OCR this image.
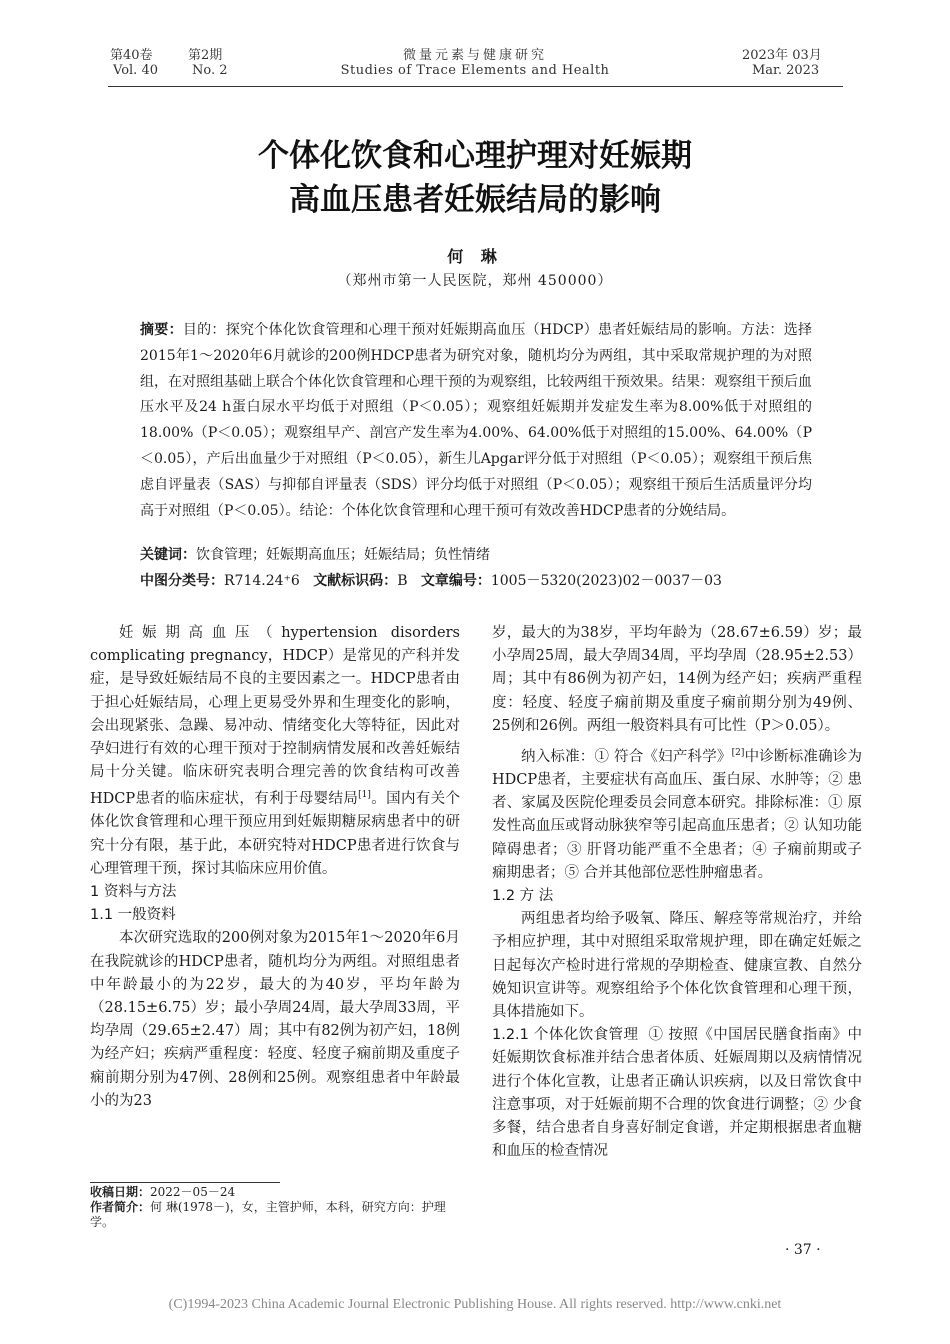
第40卷	第2期
Vol. 40	No. 2
微量元素与健康研究
Studies of Trace Elements and Health
2023年 03月
Mar. 2023
个体化饮食和心理护理对妊娠期
高血压患者妊娠结局的影响
何 琳
（郑州市第一人民医院，郑州 450000）
摘要：目的：探究个体化饮食管理和心理干预对妊娠期高血压（HDCP）患者妊娠结局的影响。方法：选择2015年1～2020年6月就诊的200例HDCP患者为研究对象，随机均分为两组，其中采取常规护理的为对照组，在对照组基础上联合个体化饮食管理和心理干预的为观察组，比较两组干预效果。结果：观察组干预后血压水平及24 h蛋白尿水平均低于对照组（P＜0.05）；观察组妊娠期并发症发生率为8.00%低于对照组的18.00%（P＜0.05）；观察组早产、剖宫产发生率为4.00%、64.00%低于对照组的15.00%、64.00%（P＜0.05），产后出血量少于对照组（P＜0.05），新生儿Apgar评分低于对照组（P＜0.05）；观察组干预后焦虑自评量表（SAS）与抑郁自评量表（SDS）评分均低于对照组（P＜0.05）；观察组干预后生活质量评分均高于对照组（P＜0.05）。结论：个体化饮食管理和心理干预可有效改善HDCP患者的分娩结局。
关键词：饮食管理；妊娠期高血压；妊娠结局；负性情绪
中图分类号：R714.24⁺6 文献标识码：B 文章编号：1005－5320(2023)02－0037－03

妊娠期高血压（hypertension disorders complicating pregnancy，HDCP）是常见的产科并发症，是导致妊娠结局不良的主要因素之一。HDCP患者由于担心妊娠结局，心理上更易受外界和生理变化的影响，会出现紧张、急躁、易冲动、情绪变化大等特征，因此对孕妇进行有效的心理干预对于控制病情发展和改善妊娠结局十分关键。临床研究表明合理完善的饮食结构可改善HDCP患者的临床症状，有利于母婴结局[1]。国内有关个体化饮食管理和心理干预应用到妊娠期糖尿病患者中的研究十分有限，基于此，本研究特对HDCP患者进行饮食与心理管理干预，探讨其临床应用价值。

1 资料与方法

1.1 一般资料

本次研究选取的200例对象为2015年1～2020年6月在我院就诊的HDCP患者，随机均分为两组。对照组患者中年龄最小的为22岁，最大的为40岁，平均年龄为（28.15±6.75）岁；最小孕周24周，最大孕周33周，平均孕周（29.65±2.47）周；其中有82例为初产妇，18例为经产妇；疾病严重程度：轻度、轻度子痫前期及重度子痫前期分别为47例、28例和25例。观察组患者中年龄最小的为23

岁，最大的为38岁，平均年龄为（28.67±6.59）岁；最小孕周25周，最大孕周34周，平均孕周（28.95±2.53）周；其中有86例为初产妇，14例为经产妇；疾病严重程度：轻度、轻度子痫前期及重度子痫前期分别为49例、25例和26例。两组一般资料具有可比性（P＞0.05）。

纳入标准：① 符合《妇产科学》[2]中诊断标准确诊为HDCP患者，主要症状有高血压、蛋白尿、水肿等；② 患者、家属及医院伦理委员会同意本研究。排除标准：① 原发性高血压或肾动脉狭窄等引起高血压患者；② 认知功能障碍患者；③ 肝肾功能严重不全患者；④ 子痫前期或子痫期患者；⑤ 合并其他部位恶性肿瘤患者。

1.2 方 法

两组患者均给予吸氧、降压、解痉等常规治疗，并给予相应护理，其中对照组采取常规护理，即在确定妊娠之日起每次产检时进行常规的孕期检查、健康宣教、自然分娩知识宣讲等。观察组给予个体化饮食管理和心理干预，具体措施如下。

1.2.1 个体化饮食管理 ① 按照《中国居民膳食指南》中妊娠期饮食标准并结合患者体质、妊娠周期以及病情情况进行个体化宣教，让患者正确认识疾病，以及日常饮食中注意事项，对于妊娠前期不合理的饮食进行调整；② 少食多餐，结合患者自身喜好制定食谱，并定期根据患者血糖和血压的检查情况

收稿日期：2022－05－24
作者简介：何 琳(1978－)，女，主管护师，本科，研究方向：护理学。
· 37 ·
(C)1994-2023 China Academic Journal Electronic Publishing House. All rights reserved. http://www.cnki.net
